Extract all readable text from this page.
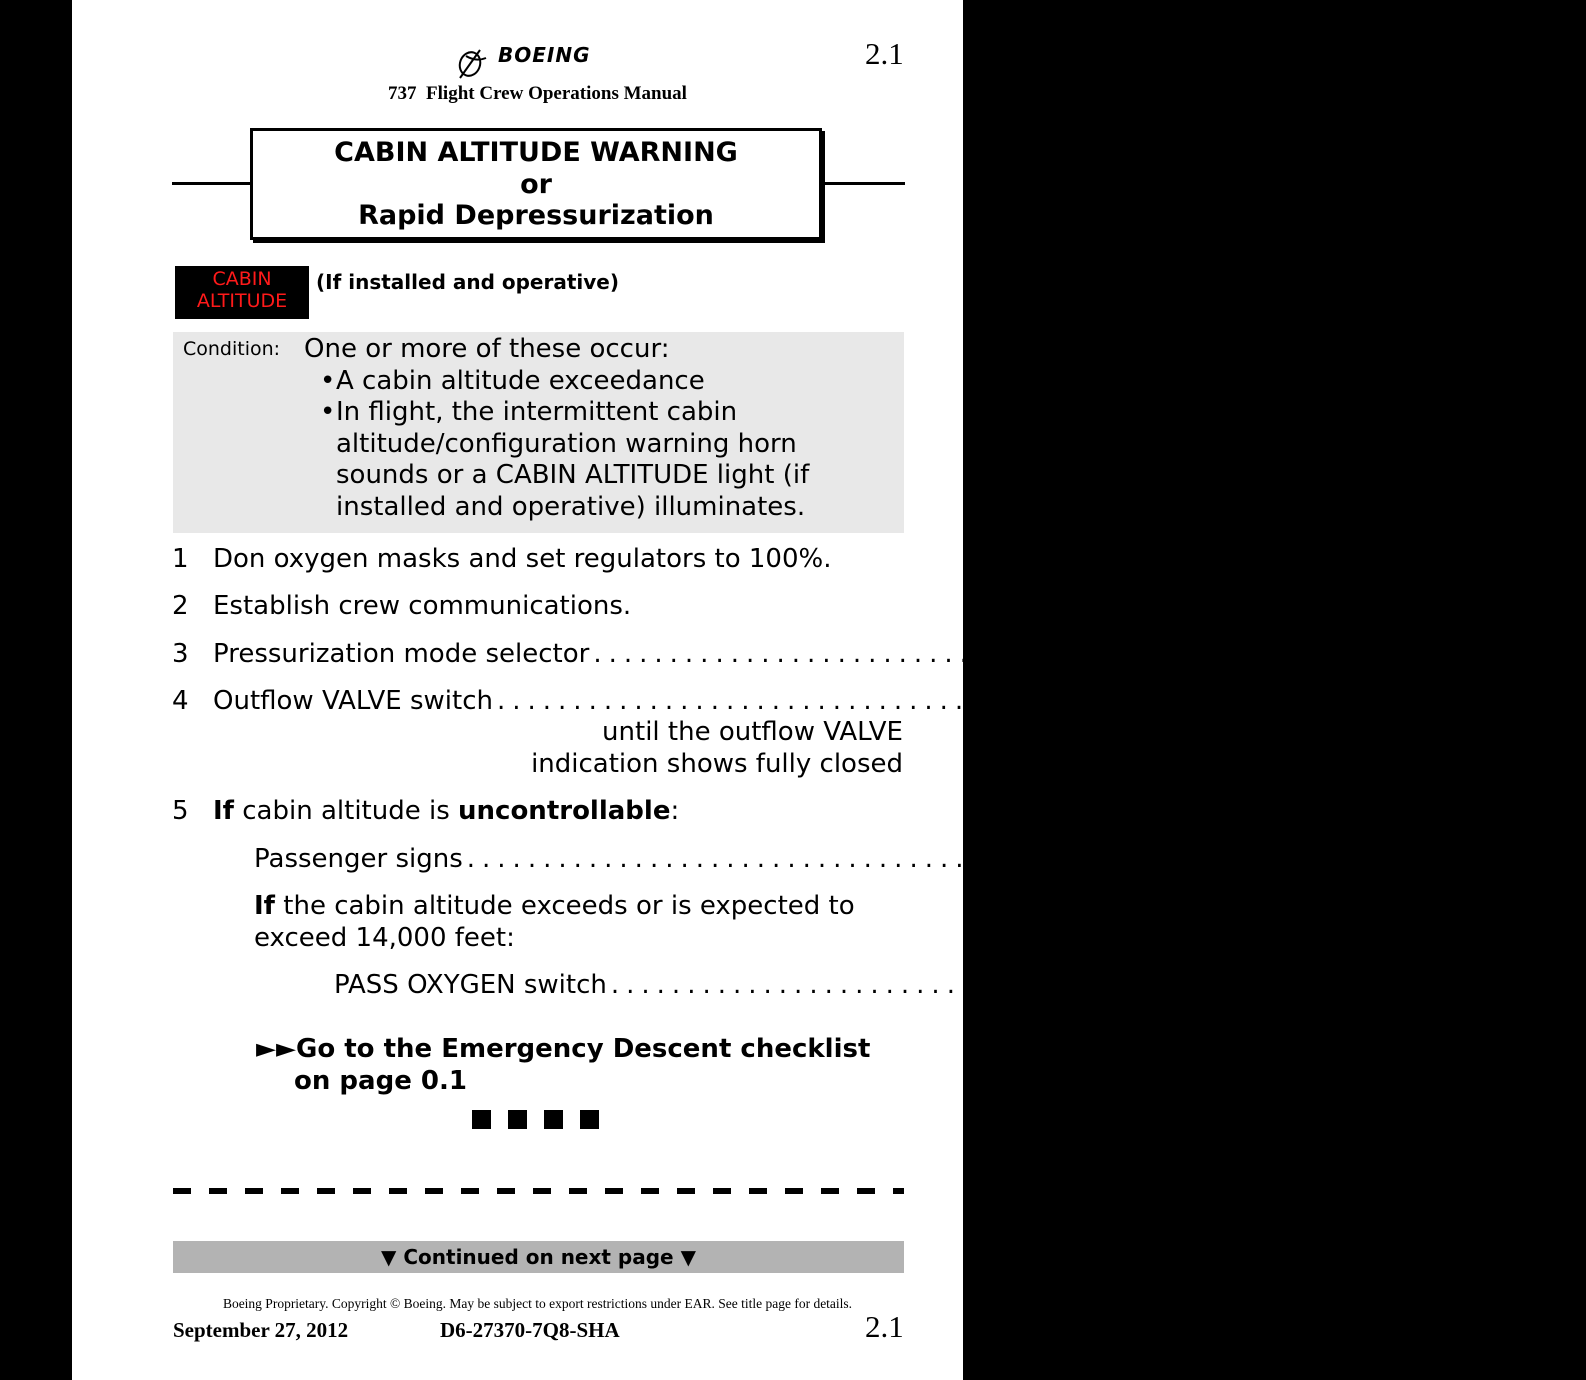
2.1
BOEING
737  Flight Crew Operations Manual
CABIN ALTITUDE WARNING
or
Rapid Depressurization
CABIN
ALTITUDE
(If installed and operative)
Condition: One or more of these occur:
• A cabin altitude exceedance
• In flight, the intermittent cabin altitude/configuration warning horn sounds or a CABIN ALTITUDE light (if installed and operative) illuminates.
1 Don oxygen masks and set regulators to 100%.
2 Establish crew communications.
3 Pressurization mode selector ........................................................... MAN
4 Outflow VALVE switch ........................................................... Hold in CLOSE
until the outflow VALVE
indication shows fully closed
5 If cabin altitude is uncontrollable:
Passenger signs ........................................................... ON
If the cabin altitude exceeds or is expected to
exceed 14,000 feet:
PASS OXYGEN switch ........................................................... ON
►►Go to the Emergency Descent checklist
on page 0.1
▼ Continued on next page ▼
Boeing Proprietary. Copyright © Boeing. May be subject to export restrictions under EAR. See title page for details.
September 27, 2012	D6-27370-7Q8-SHA	2.1
